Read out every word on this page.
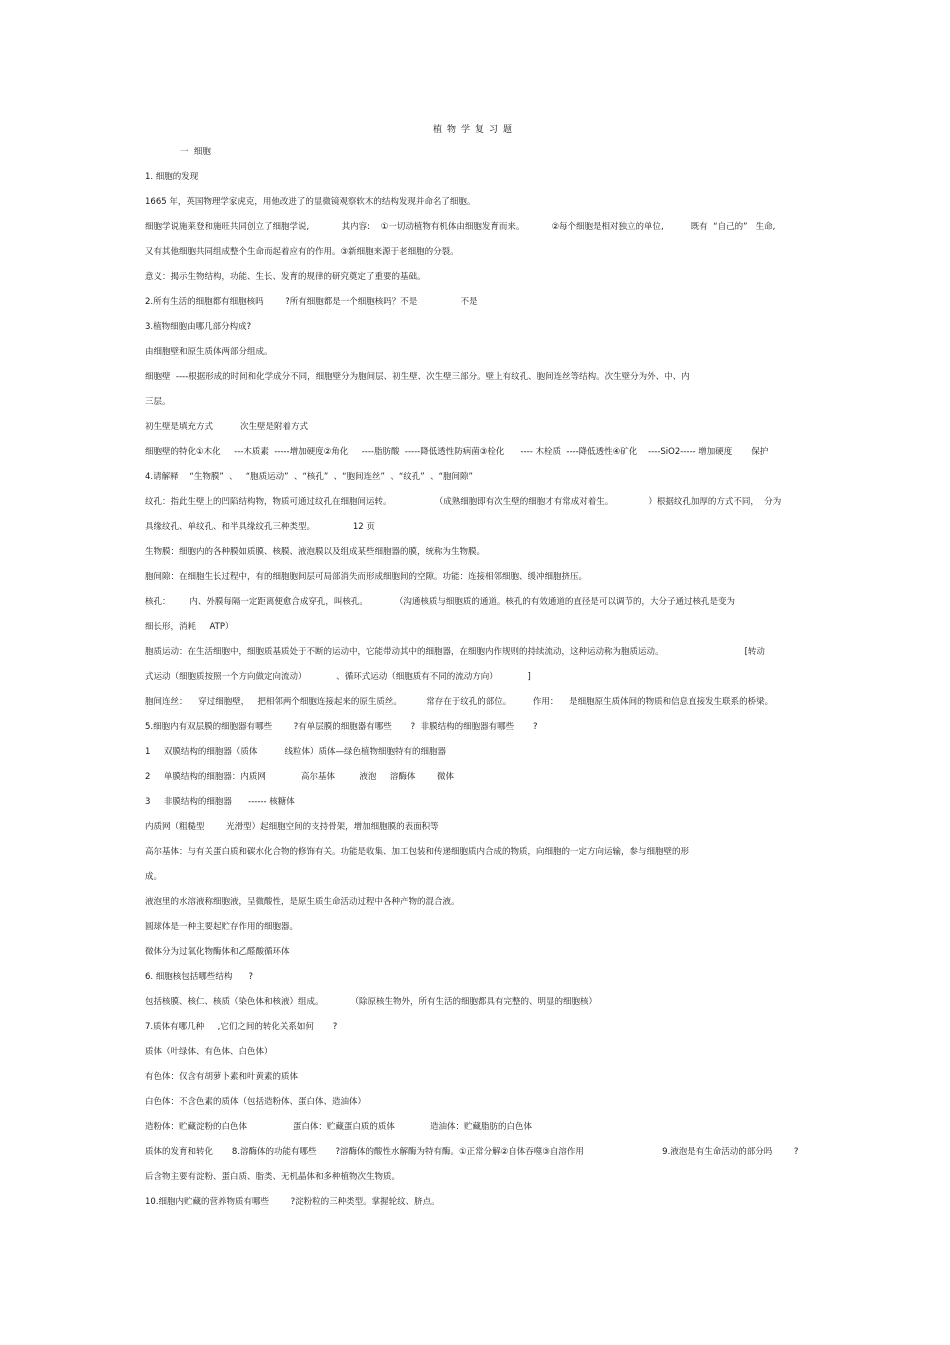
植物学复习题
一  细胞
1. 细胞的发现
1665 年，英国物理学家虎克，用他改进了的显微镜观察软木的结构发现并命名了细胞。
细胞学说施莱登和施旺共同创立了细胞学说,            其内容:    ①一切动植物有机体由细胞发育而来。          ②每个细胞是相对独立的单位,          既有  “自己的”   生命,
又有其他细胞共同组成整个生命而起着应有的作用。③新细胞来源于老细胞的分裂。
意义：揭示生物结构，功能、生长、发育的规律的研究奠定了重要的基础。
2.所有生活的细胞都有细胞核吗        ?所有细胞都是一个细胞核吗？不是                不是
3.植物细胞由哪几部分构成?
由细胞壁和原生质体两部分组成。
细胞壁  ----根据形成的时间和化学成分不同，细胞壁分为胞间层、初生壁、次生壁三部分。壁上有纹孔、胞间连丝等结构。次生壁分为外、中、内
三层。
初生壁是填充方式          次生壁是附着方式
细胞壁的特化①木化     ---木质素  -----增加硬度②角化     ----脂肪酸  -----降低透性防病菌③栓化      ---- 木栓质  ----降低透性④矿化    ----SiO2----- 增加硬度       保护
4.请解释    “生物膜”  、   “胞质运动”  、“核孔”  、“胞间连丝”  、“纹孔”  、“胞间隙”
纹孔：指此生壁上的凹陷结构物，物质可通过纹孔在细胞间运转。                （成熟细胞即有次生壁的细胞才有常成对着生。             ）根据纹孔加厚的方式不同，  分为
具缘纹孔、单纹孔、和半具缘纹孔三种类型。              12 页
生物膜：细胞内的各种膜如质膜、核膜、液泡膜以及组成某些细胞器的膜，统称为生物膜。
胞间隙：在细胞生长过程中，有的细胞胞间层可局部消失而形成细胞间的空隙。功能：连接相邻细胞、缓冲细胞挤压。
核孔：       内、外膜每隔一定距离便愈合成穿孔，叫核孔。          （沟通核质与细胞质的通道。核孔的有效通道的直径是可以调节的，大分子通过核孔是变为
细长形，消耗     ATP）
胞质运动：在生活细胞中，细胞质基质处于不断的运动中，它能带动其中的细胞器，在细胞内作规则的持续流动，这种运动称为胞质运动。                              [转动
式运动（细胞质按照一个方向做定向流动）           、循环式运动（细胞质有不同的流动方向）           ]
胞间连丝：    穿过细胞壁，   把相邻两个细胞连接起来的原生质丝。         常存在于纹孔的部位。        作用：    是细胞原生质体间的物质和信息直接发生联系的桥梁。
5.细胞内有双层膜的细胞器有哪些        ?有单层膜的细胞器有哪些       ?  非膜结构的细胞器有哪些       ?
1     双膜结构的细胞器（质体          线粒体）质体—绿色植物细胞特有的细胞器
2     单膜结构的细胞器：内质网             高尔基体         液泡     溶酶体        微体
3     非膜结构的细胞器      ------ 核糖体
内质网（粗糙型        光滑型）起细胞空间的支持骨架，增加细胞膜的表面积等
高尔基体：与有关蛋白质和碳水化合物的修饰有关。功能是收集、加工包装和传递细胞质内合成的物质，向细胞的一定方向运输，参与细胞壁的形
成。
液泡里的水溶液称细胞液，呈微酸性，是原生质生命活动过程中各种产物的混合液。
圆球体是一种主要起贮存作用的细胞器。
微体分为过氧化物酶体和乙醛酸循环体
6. 细胞核包括哪些结构      ?
包括核膜、核仁、核质（染色体和核液）组成。          （除原核生物外，所有生活的细胞都具有完整的、明显的细胞核）
7.质体有哪几种     ,它们之间的转化关系如何       ?
质体（叶绿体、有色体、白色体）
有色体：仅含有胡萝卜素和叶黄素的质体
白色体：不含色素的质体（包括造粉体、蛋白体、造油体）
造粉体：贮藏淀粉的白色体                 蛋白体：贮藏蛋白质的质体             造油体：贮藏脂肪的白色体
质体的发育和转化       8.溶酶体的功能有哪些       ?溶酶体的酸性水解酶为特有酶。①正常分解②自体吞噬③自溶作用                             9.液泡是有生命活动的部分吗        ?
后含物主要有淀粉、蛋白质、脂类、无机晶体和多种植物次生物质。
10.细胞内贮藏的营养物质有哪些        ?淀粉粒的三种类型。掌握轮纹、脐点。
